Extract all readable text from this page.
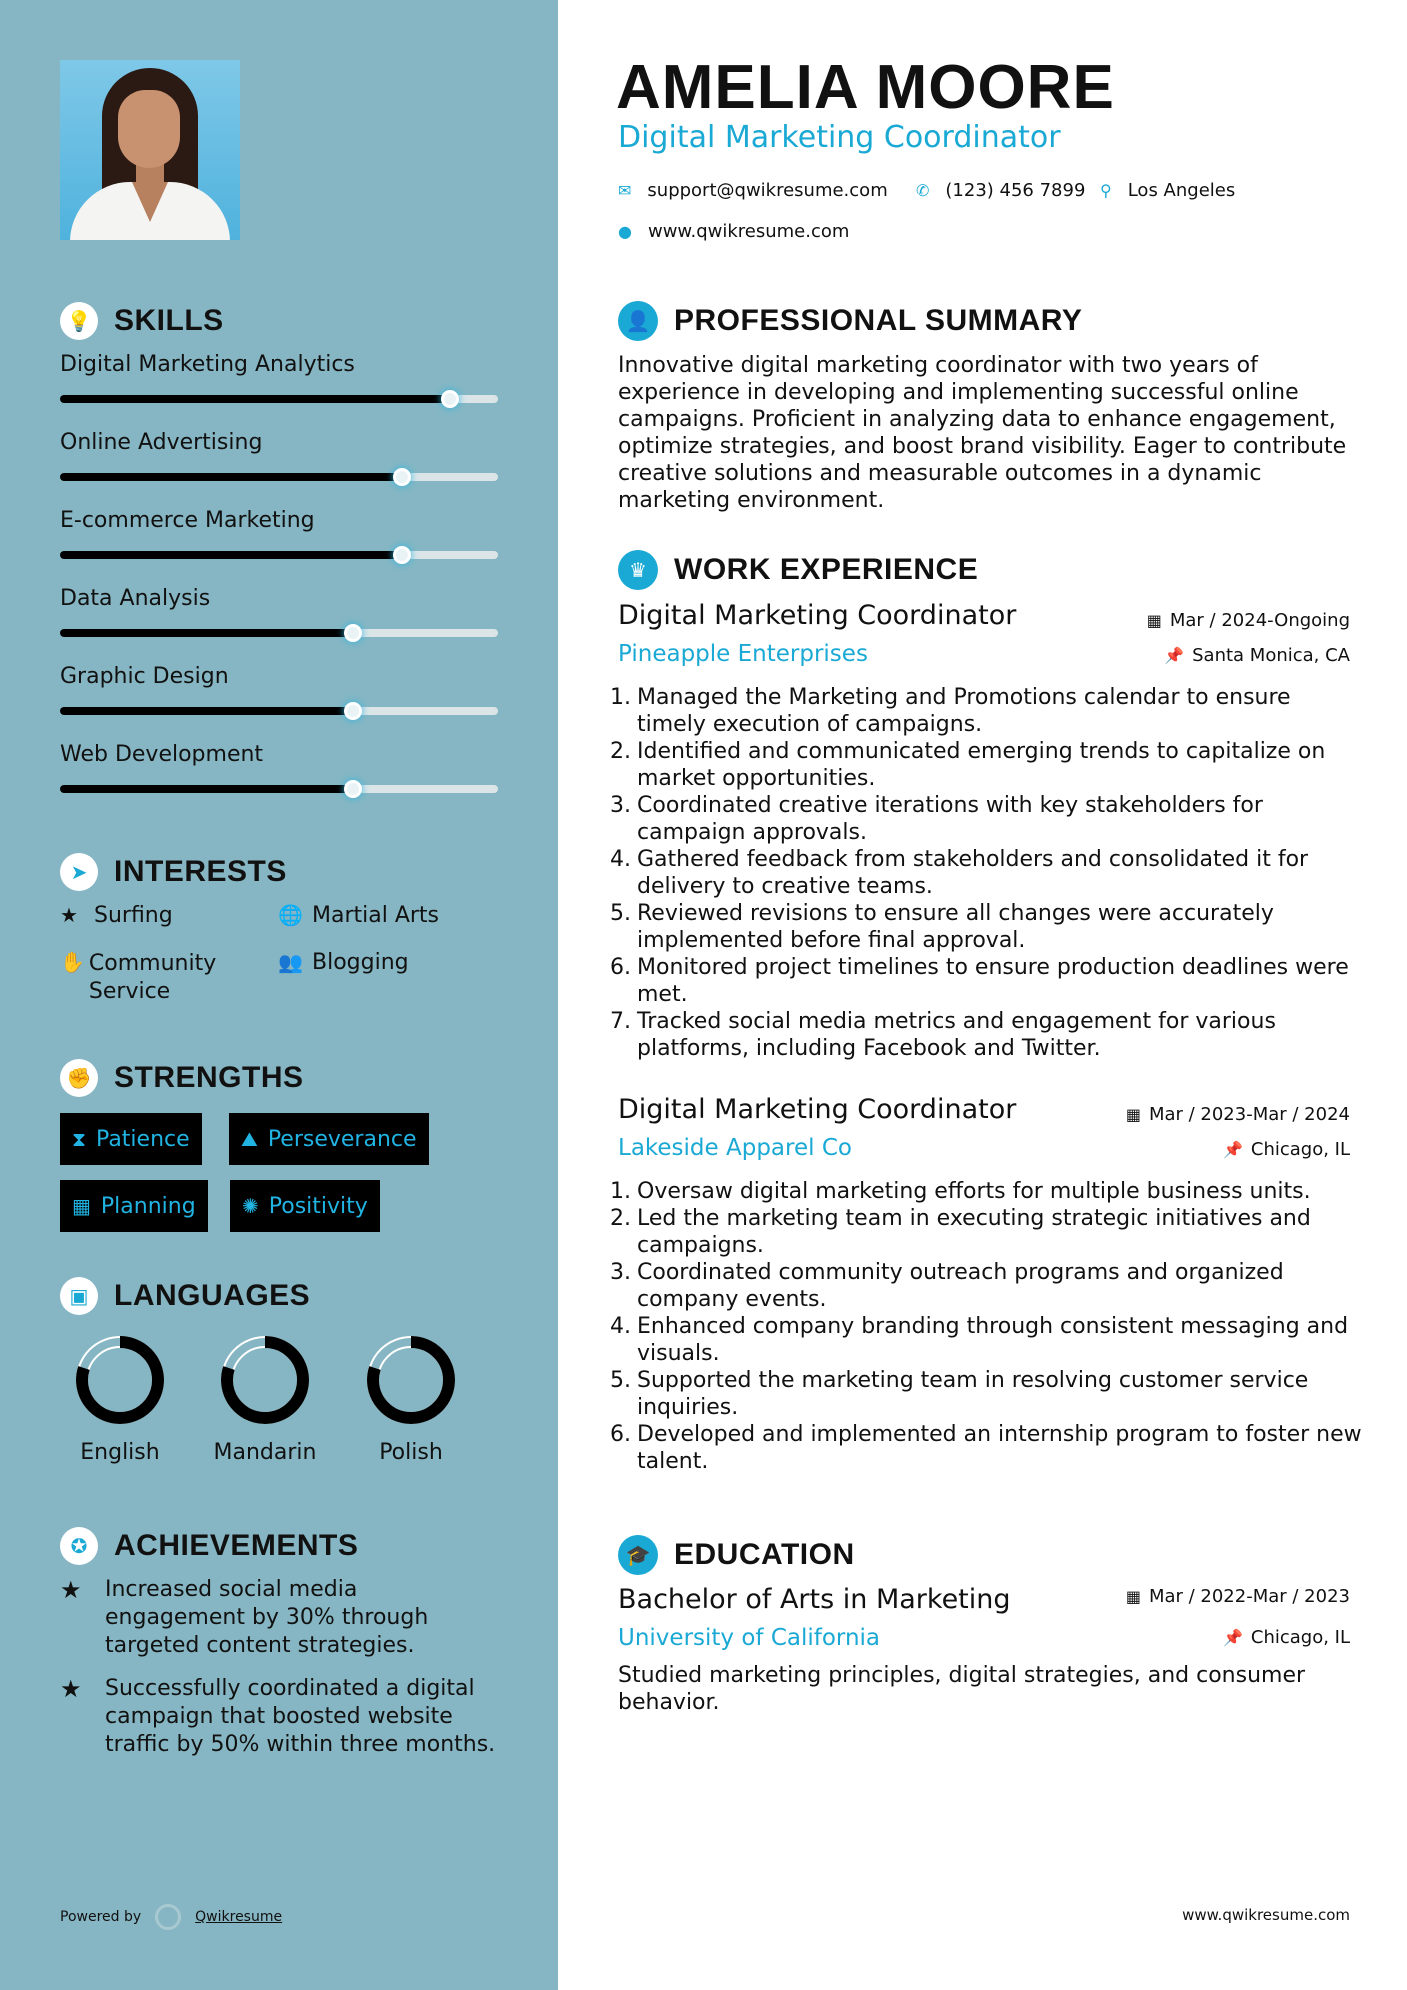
💡 SKILLS
Digital Marketing Analytics
Online Advertising
E-commerce Marketing
Data Analysis
Graphic Design
Web Development
➤ INTERESTS
★ Surfing	🌐 Martial Arts
✋ Community Service
👥 Blogging
✊ STRENGTHS
⧗ Patience	⛰ Perseverance
▦ Planning ✺ Positivity
▣ LANGUAGES
English	Mandarin	Polish
✪ ACHIEVEMENTS
★	Increased social media engagement by 30% through targeted content strategies.
★	Successfully coordinated a digital campaign that boosted website traffic by 50% within three months.
Powered by	Qwikresume
AMELIA MOORE
Digital Marketing Coordinator
✉ support@qwikresume.com ✆ (123) 456 7899 ⚲ Los Angeles
● www.qwikresume.com
👤 PROFESSIONAL SUMMARY
Innovative digital marketing coordinator with two years of experience in developing and implementing successful online campaigns. Proficient in analyzing data to enhance engagement, optimize strategies, and boost brand visibility. Eager to contribute creative solutions and measurable outcomes in a dynamic marketing environment.
♛ WORK EXPERIENCE
Digital Marketing Coordinator	▦ Mar / 2024-Ongoing
Pineapple Enterprises	📌 Santa Monica, CA
1.
Managed the Marketing and Promotions calendar to ensure timely execution of campaigns.
2.
Identified and communicated emerging trends to capitalize on market opportunities.
3.
Coordinated creative iterations with key stakeholders for campaign approvals.
4.
Gathered feedback from stakeholders and consolidated it for delivery to creative teams.
5.
Reviewed revisions to ensure all changes were accurately implemented before final approval.
6.
Monitored project timelines to ensure production deadlines were met.
7.
Tracked social media metrics and engagement for various platforms, including Facebook and Twitter.
Digital Marketing Coordinator	▦ Mar / 2023-Mar / 2024
Lakeside Apparel Co	📌 Chicago, IL
1.
Oversaw digital marketing efforts for multiple business units.
2.
Led the marketing team in executing strategic initiatives and campaigns.
3.
Coordinated community outreach programs and organized company events.
4.
Enhanced company branding through consistent messaging and visuals.
5.
Supported the marketing team in resolving customer service inquiries.
6.
Developed and implemented an internship program to foster new talent.
🎓 EDUCATION
Bachelor of Arts in Marketing	▦ Mar / 2022-Mar / 2023
University of California	📌 Chicago, IL
Studied marketing principles, digital strategies, and consumer behavior.
www.qwikresume.com
